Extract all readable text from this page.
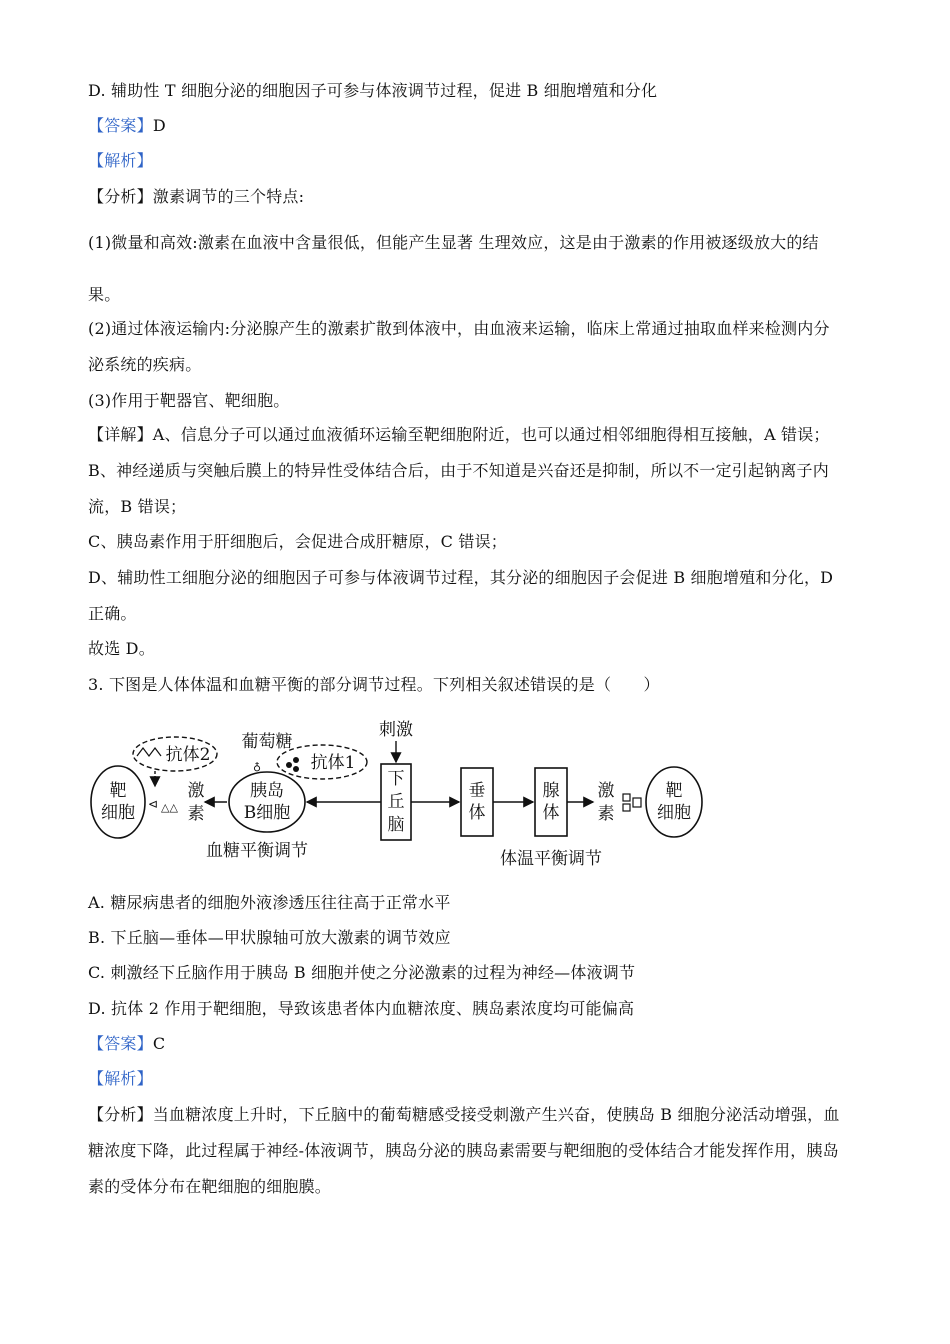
D. 辅助性 T 细胞分泌的细胞因子可参与体液调节过程，促进 B 细胞增殖和分化
【答案】D
【解析】
【分析】激素调节的三个特点:
(1)微量和高效:激素在血液中含量很低，但能产生显著 生理效应，这是由于激素的作用被逐级放大的结
果。
(2)通过体液运输内:分泌腺产生的激素扩散到体液中，由血液来运输，临床上常通过抽取血样来检测内分
泌系统的疾病。
(3)作用于靶器官、靶细胞。
【详解】A、信息分子可以通过血液循环运输至靶细胞附近，也可以通过相邻细胞得相互接触，A 错误；
B、神经递质与突触后膜上的特异性受体结合后，由于不知道是兴奋还是抑制，所以不一定引起钠离子内
流，B 错误；
C、胰岛素作用于肝细胞后，会促进合成肝糖原，C 错误；
D、辅助性工细胞分泌的细胞因子可参与体液调节过程，其分泌的细胞因子会促进 B 细胞增殖和分化，D
正确。
故选 D。
3. 下图是人体体温和血糖平衡的部分调节过程。下列相关叙述错误的是（　　）
靶
细胞 ⊲ △△
抗体2
激
素
胰岛
B细胞
葡萄糖
♁	抗体1
下
丘
脑
刺激
垂
体
腺
体
激
素
靶
细胞
血糖平衡调节	体温平衡调节
A. 糖尿病患者的细胞外液渗透压往往高于正常水平
B. 下丘脑—垂体—甲状腺轴可放大激素的调节效应
C. 刺激经下丘脑作用于胰岛 B 细胞并使之分泌激素的过程为神经—体液调节
D. 抗体 2 作用于靶细胞，导致该患者体内血糖浓度、胰岛素浓度均可能偏高
【答案】C
【解析】
【分析】当血糖浓度上升时，下丘脑中的葡萄糖感受接受刺激产生兴奋，使胰岛 B 细胞分泌活动增强，血
糖浓度下降，此过程属于神经-体液调节，胰岛分泌的胰岛素需要与靶细胞的受体结合才能发挥作用，胰岛
素的受体分布在靶细胞的细胞膜。
